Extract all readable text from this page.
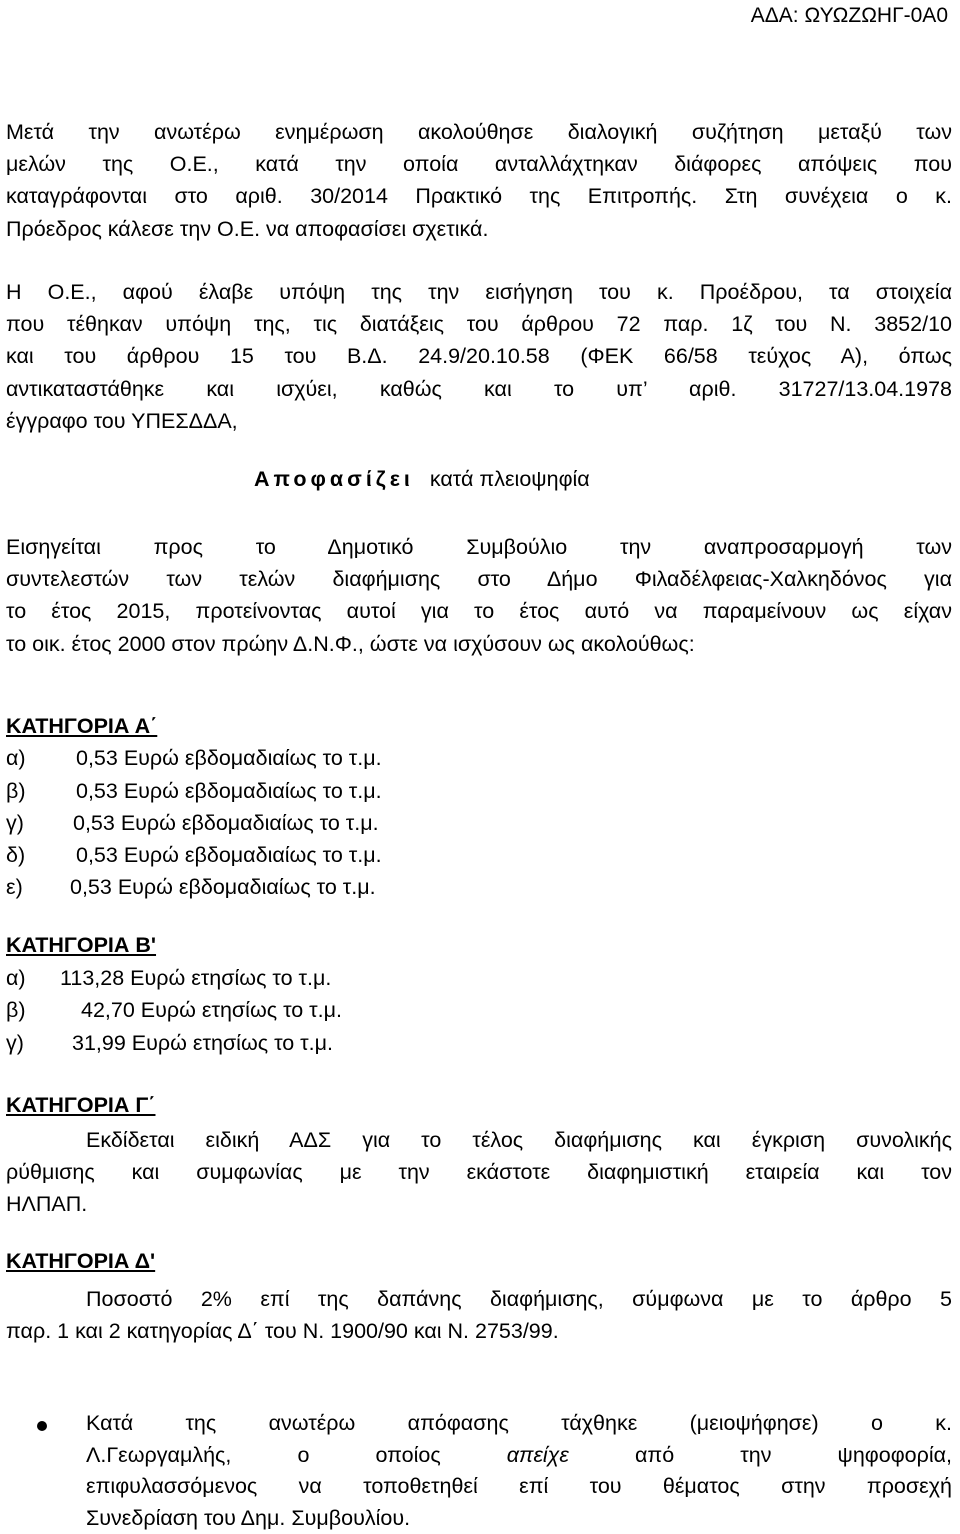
ΑΔΑ: ΩΥΩΖΩΗΓ-0Α0
Μετά την ανωτέρω ενημέρωση ακολούθησε διαλογική συζήτηση μεταξύ των
μελών της Ο.Ε., κατά την οποία ανταλλάχτηκαν διάφορες απόψεις που
καταγράφονται στο αριθ. 30/2014 Πρακτικό της Επιτροπής. Στη συνέχεια ο κ.
Πρόεδρος κάλεσε την Ο.Ε. να αποφασίσει σχετικά.
Η Ο.Ε., αφού έλαβε υπόψη της την εισήγηση του κ. Προέδρου, τα στοιχεία
που τέθηκαν υπόψη της, τις διατάξεις του άρθρου 72 παρ. 1ζ του Ν. 3852/10
και του άρθρου 15 του Β.Δ. 24.9/20.10.58 (ΦΕΚ 66/58 τεύχος Α), όπως
αντικαταστάθηκε και ισχύει, καθώς και το υπ’ αριθ. 31727/13.04.1978
έγγραφο του ΥΠΕΣΔΔΑ,
Αποφασίζει κατά πλειοψηφία
Εισηγείται προς το Δημοτικό Συμβούλιο την αναπροσαρμογή των
συντελεστών των τελών διαφήμισης στο Δήμο Φιλαδέλφειας-Χαλκηδόνος για
το έτος 2015, προτείνοντας αυτοί για το έτος αυτό να παραμείνουν ως είχαν
το οικ. έτος 2000 στον πρώην Δ.Ν.Φ., ώστε να ισχύσουν ως ακολούθως:
ΚΑΤΗΓΟΡΙΑ Α΄
α) 0,53 Ευρώ εβδομαδιαίως το τ.μ.
β) 0,53 Ευρώ εβδομαδιαίως το τ.μ.
γ) 0,53 Ευρώ εβδομαδιαίως το τ.μ.
δ) 0,53 Ευρώ εβδομαδιαίως το τ.μ.
ε) 0,53 Ευρώ εβδομαδιαίως το τ.μ.
ΚΑΤΗΓΟΡΙΑ Β'
α) 113,28 Ευρώ ετησίως το τ.μ.
β)	42,70 Ευρώ ετησίως το τ.μ.
γ) 31,99 Ευρώ ετησίως το τ.μ.
ΚΑΤΗΓΟΡΙΑ Γ΄
Εκδίδεται ειδική ΑΔΣ για το τέλος διαφήμισης και έγκριση συνολικής
ρύθμισης και συμφωνίας με την εκάστοτε διαφημιστική εταιρεία και τον
ΗΛΠΑΠ.
ΚΑΤΗΓΟΡΙΑ Δ'
Ποσοστό 2% επί της δαπάνης διαφήμισης, σύμφωνα με το άρθρο 5
παρ. 1 και 2 κατηγορίας Δ΄ του Ν. 1900/90 και Ν. 2753/99.
Κατά της ανωτέρω απόφασης τάχθηκε (μειοψήφησε) ο κ.
Λ.Γεωργαμλής, ο οποίος	απείχε	από την ψηφοφορία,
επιφυλασσόμενος να τοποθετηθεί επί του θέματος στην προσεχή
Συνεδρίαση του Δημ. Συμβουλίου.
